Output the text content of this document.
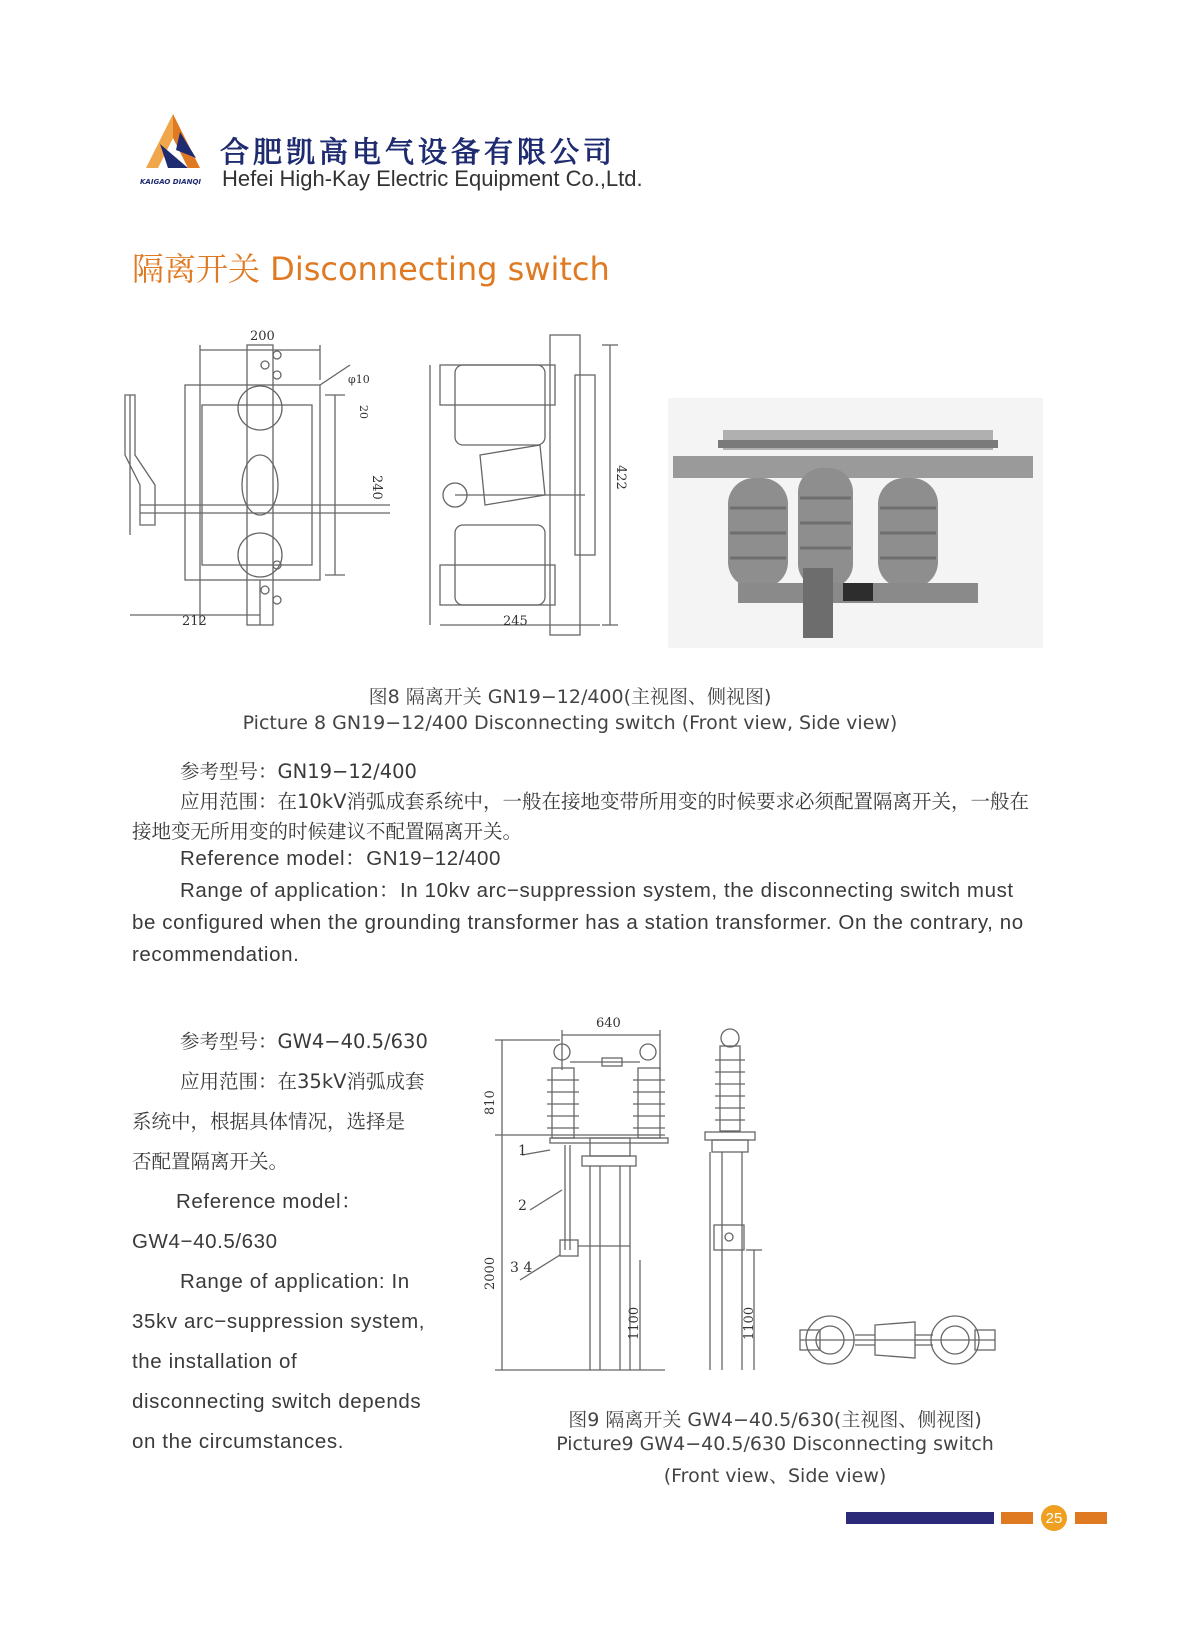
KAIGAO DIANQI
合肥凯高电气设备有限公司
Hefei High-Kay Electric Equipment Co.,Ltd.
隔离开关 Disconnecting switch
200
φ10
20
240
212	245
422
图8 隔离开关 GN19−12/400(主视图、侧视图)
Picture 8 GN19−12/400 Disconnecting switch (Front view, Side view)
参考型号：GN19−12/400
应用范围：在10kV消弧成套系统中，一般在接地变带所用变的时候要求必须配置隔离开关，一般在接地变无所用变的时候建议不配置隔离开关。
Reference model：GN19−12/400
Range of application：In 10kv arc−suppression system, the disconnecting switch must be configured when the grounding transformer has a station transformer. On the contrary, no recommendation.
参考型号：GW4−40.5/630
应用范围：在35kV消弧成套
系统中，根据具体情况，选择是
否配置隔离开关。
Reference model：
GW4−40.5/630
Range of application: In
35kv arc−suppression system,
the installation of
disconnecting switch depends
on the circumstances.
640
810
2000
1100
1
2
3 4
1100
图9 隔离开关 GW4−40.5/630(主视图、侧视图)
Picture9 GW4−40.5/630 Disconnecting switch
(Front view、Side view)
25
